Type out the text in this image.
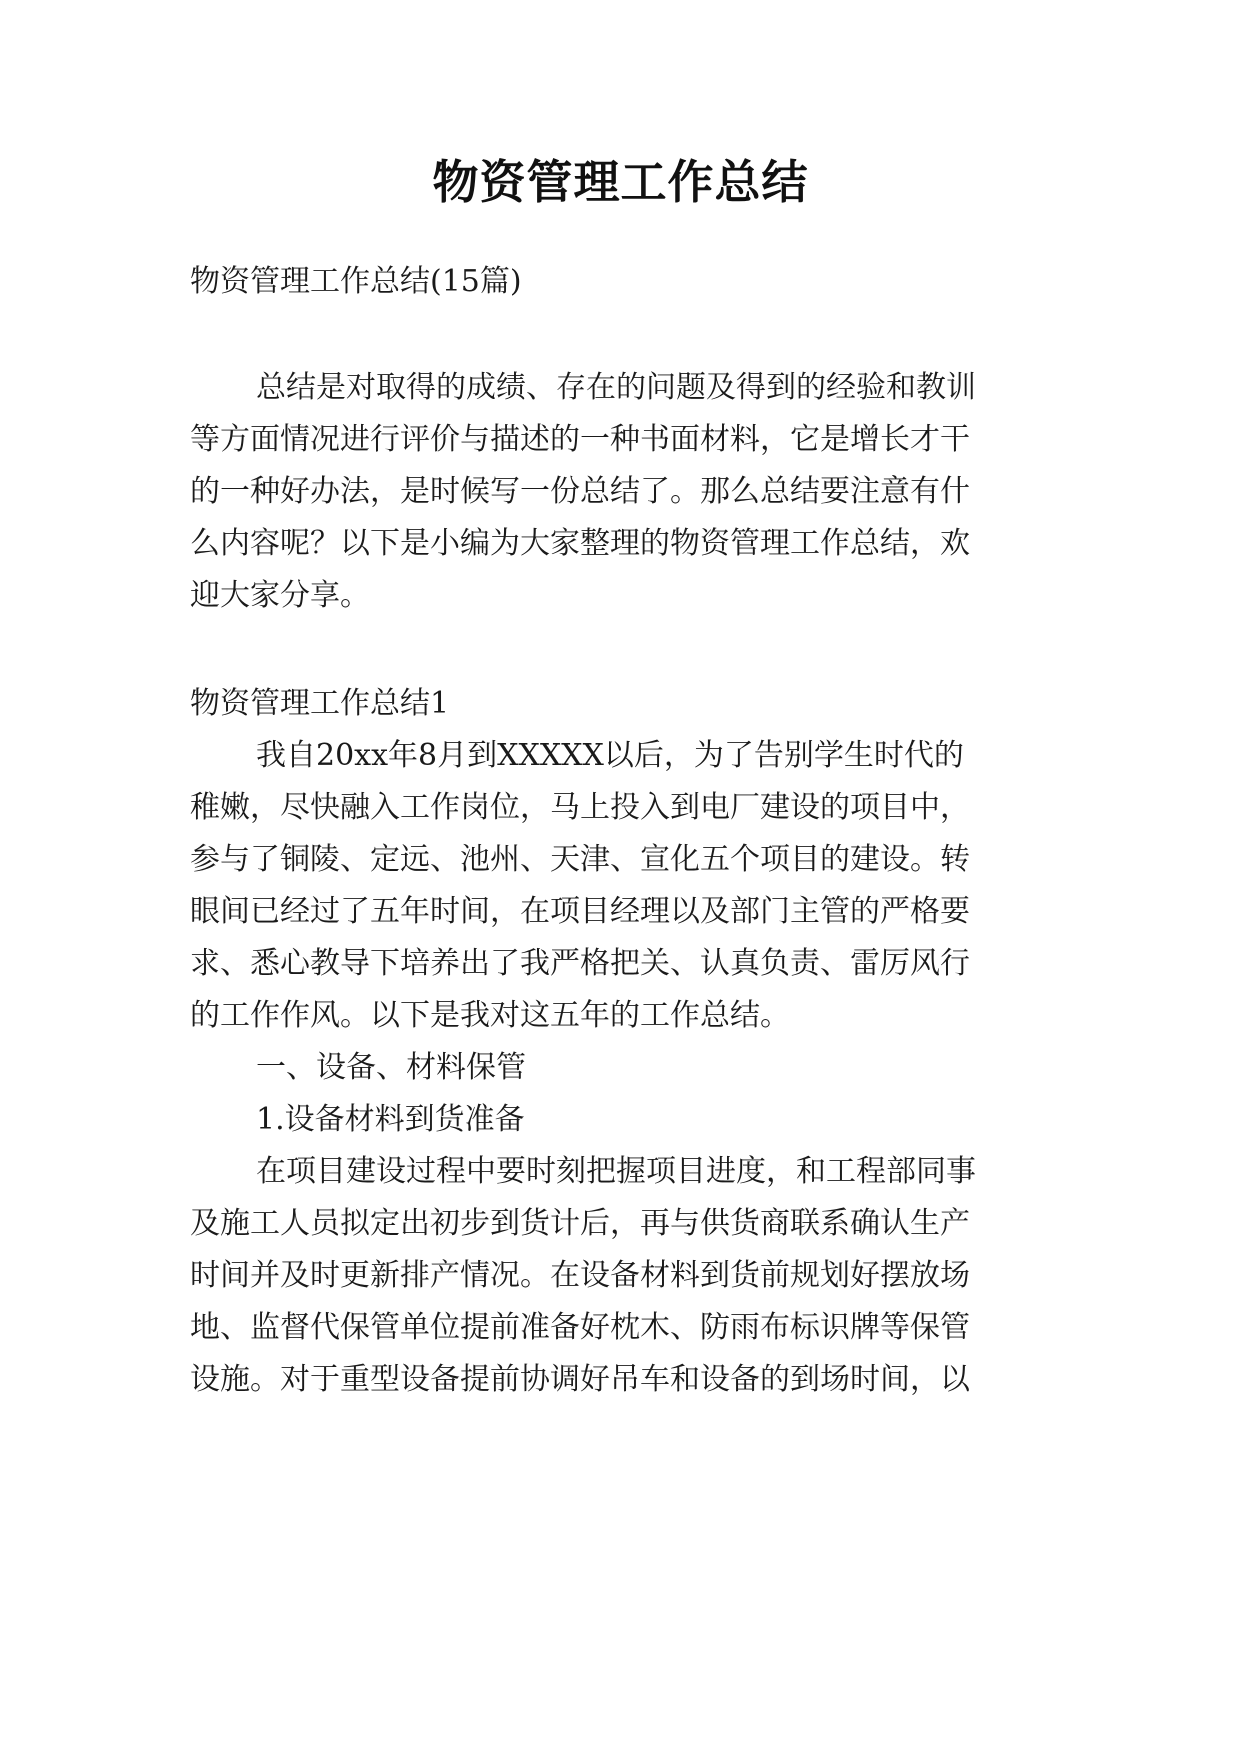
物资管理工作总结
物资管理工作总结(15篇)
总结是对取得的成绩、存在的问题及得到的经验和教训
等方面情况进行评价与描述的一种书面材料，它是增长才干
的一种好办法，是时候写一份总结了。那么总结要注意有什
么内容呢？以下是小编为大家整理的物资管理工作总结，欢
迎大家分享。
物资管理工作总结1
我自20xx年8月到XXXXX以后，为了告别学生时代的
稚嫩，尽快融入工作岗位，马上投入到电厂建设的项目中，
参与了铜陵、定远、池州、天津、宣化五个项目的建设。转
眼间已经过了五年时间，在项目经理以及部门主管的严格要
求、悉心教导下培养出了我严格把关、认真负责、雷厉风行
的工作作风。以下是我对这五年的工作总结。
一、设备、材料保管
1.设备材料到货准备
在项目建设过程中要时刻把握项目进度，和工程部同事
及施工人员拟定出初步到货计后，再与供货商联系确认生产
时间并及时更新排产情况。在设备材料到货前规划好摆放场
地、监督代保管单位提前准备好枕木、防雨布标识牌等保管
设施。对于重型设备提前协调好吊车和设备的到场时间，以
